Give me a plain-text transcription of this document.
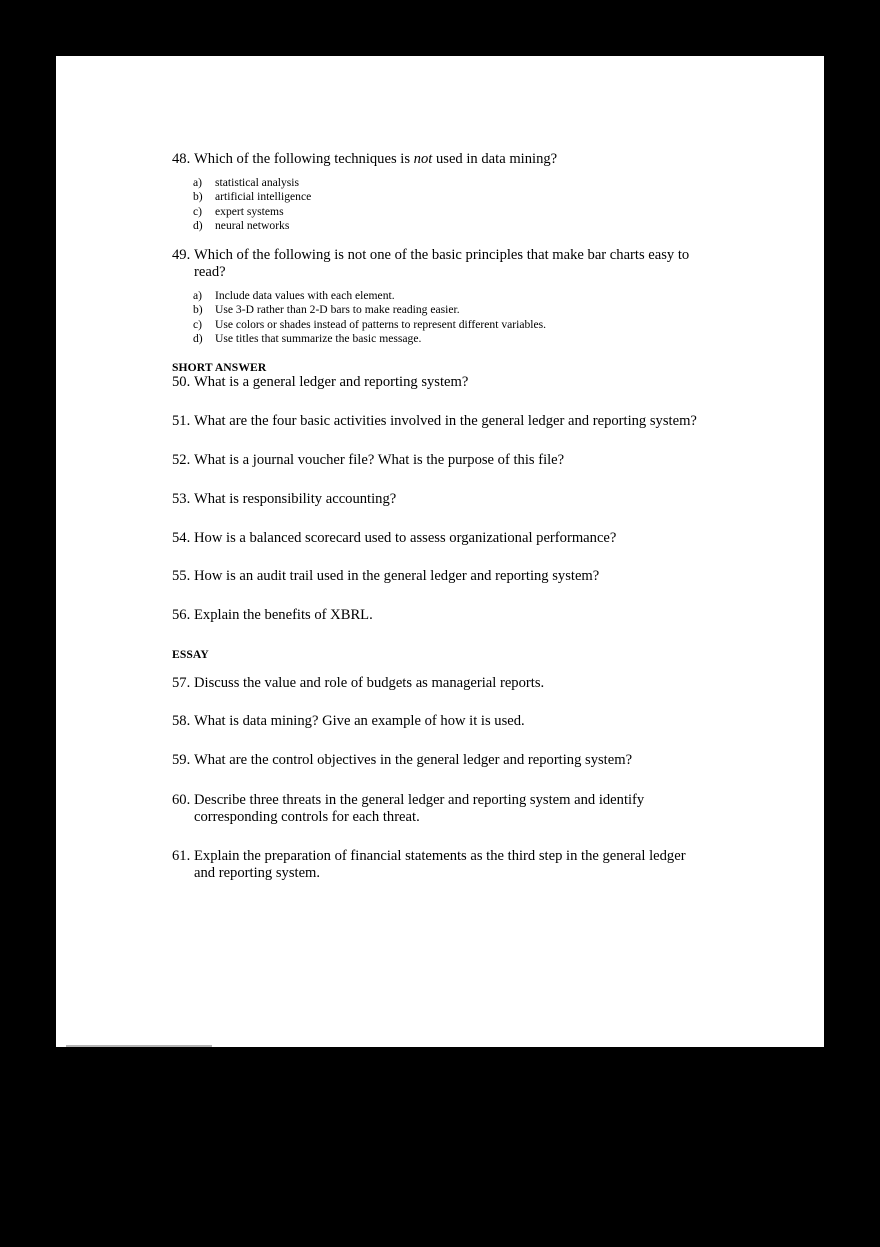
48. Which of the following techniques is not used in data mining?
a) statistical analysis
b) artificial intelligence
c) expert systems
d) neural networks
49. Which of the following is not one of the basic principles that make bar charts easy to
read?
a) Include data values with each element.
b) Use 3-D rather than 2-D bars to make reading easier.
c) Use colors or shades instead of patterns to represent different variables.
d) Use titles that summarize the basic message.
SHORT ANSWER
50. What is a general ledger and reporting system?
51. What are the four basic activities involved in the general ledger and reporting system?
52. What is a journal voucher file? What is the purpose of this file?
53. What is responsibility accounting?
54. How is a balanced scorecard used to assess organizational performance?
55. How is an audit trail used in the general ledger and reporting system?
56. Explain the benefits of XBRL.
ESSAY
57. Discuss the value and role of budgets as managerial reports.
58. What is data mining? Give an example of how it is used.
59. What are the control objectives in the general ledger and reporting system?
60. Describe three threats in the general ledger and reporting system and identify
corresponding controls for each threat.
61. Explain the preparation of financial statements as the third step in the general ledger
and reporting system.
